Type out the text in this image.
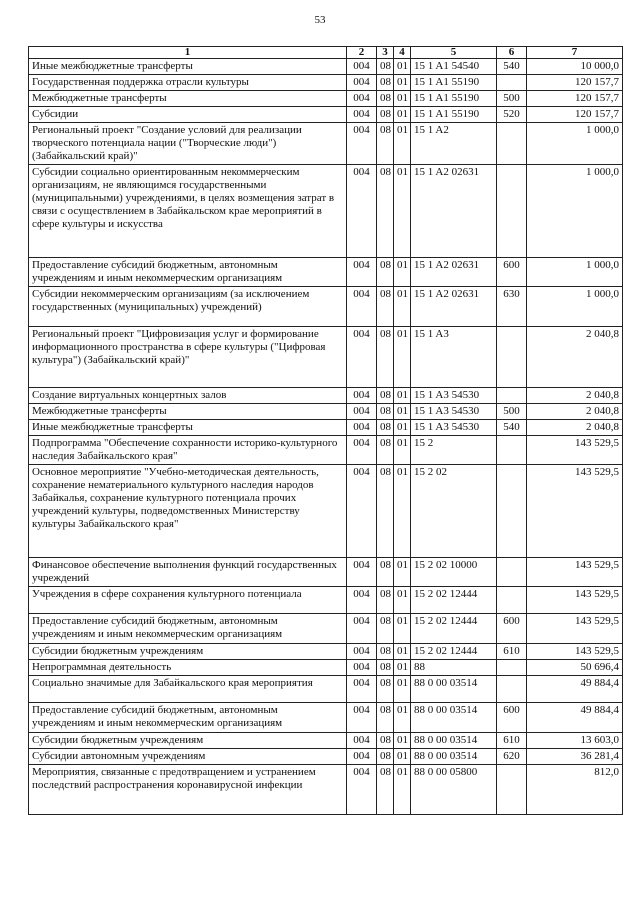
53
1	2	3	4	5	6	7
Иные межбюджетные трансферты	004	08	01	15 1 A1 54540	540	10 000,0
Государственная поддержка отрасли культуры	004	08	01	15 1 A1 55190		120 157,7
Межбюджетные трансферты	004	08	01	15 1 A1 55190	500	120 157,7
Субсидии	004	08	01	15 1 A1 55190	520	120 157,7
Региональный проект "Создание условий для реализации творческого потенциала нации ("Творческие люди") (Забайкальский край)"	004	08	01	15 1 A2		1 000,0
Субсидии социально ориентированным некоммерческим организациям, не являющимся государственными (муниципальными) учреждениями, в целях возмещения затрат в связи с осуществлением в Забайкальском крае мероприятий в сфере культуры и искусства	004	08	01	15 1 A2 02631		1 000,0
Предоставление субсидий бюджетным, автономным учреждениям и иным некоммерческим организациям	004	08	01	15 1 A2 02631	600	1 000,0
Субсидии некоммерческим организациям (за исключением государственных (муниципальных) учреждений)	004	08	01	15 1 A2 02631	630	1 000,0
Региональный проект "Цифровизация услуг и формирование информационного пространства в сфере культуры ("Цифровая культура") (Забайкальский край)"	004	08	01	15 1 A3		2 040,8
Создание виртуальных концертных залов	004	08	01	15 1 A3 54530		2 040,8
Межбюджетные трансферты	004	08	01	15 1 A3 54530	500	2 040,8
Иные межбюджетные трансферты	004	08	01	15 1 A3 54530	540	2 040,8
Подпрограмма "Обеспечение сохранности историко-культурного наследия Забайкальского края"	004	08	01	15 2		143 529,5
Основное мероприятие "Учебно-методическая деятельность, сохранение нематериального культурного наследия народов Забайкалья, сохранение культурного потенциала прочих учреждений культуры, подведомственных Министерству культуры Забайкальского края"	004	08	01	15 2 02		143 529,5
Финансовое обеспечение выполнения функций государственных учреждений	004	08	01	15 2 02 10000		143 529,5
Учреждения в сфере сохранения культурного потенциала	004	08	01	15 2 02 12444		143 529,5
Предоставление субсидий бюджетным, автономным учреждениям и иным некоммерческим организациям	004	08	01	15 2 02 12444	600	143 529,5
Субсидии бюджетным учреждениям	004	08	01	15 2 02 12444	610	143 529,5
Непрограммная деятельность	004	08	01	88		50 696,4
Социально значимые для Забайкальского края мероприятия	004	08	01	88 0 00 03514		49 884,4
Предоставление субсидий бюджетным, автономным учреждениям и иным некоммерческим организациям	004	08	01	88 0 00 03514	600	49 884,4
Субсидии бюджетным учреждениям	004	08	01	88 0 00 03514	610	13 603,0
Субсидии автономным учреждениям	004	08	01	88 0 00 03514	620	36 281,4
Мероприятия, связанные с предотвращением и устранением последствий распространения коронавирусной инфекции	004	08	01	88 0 00 05800		812,0
